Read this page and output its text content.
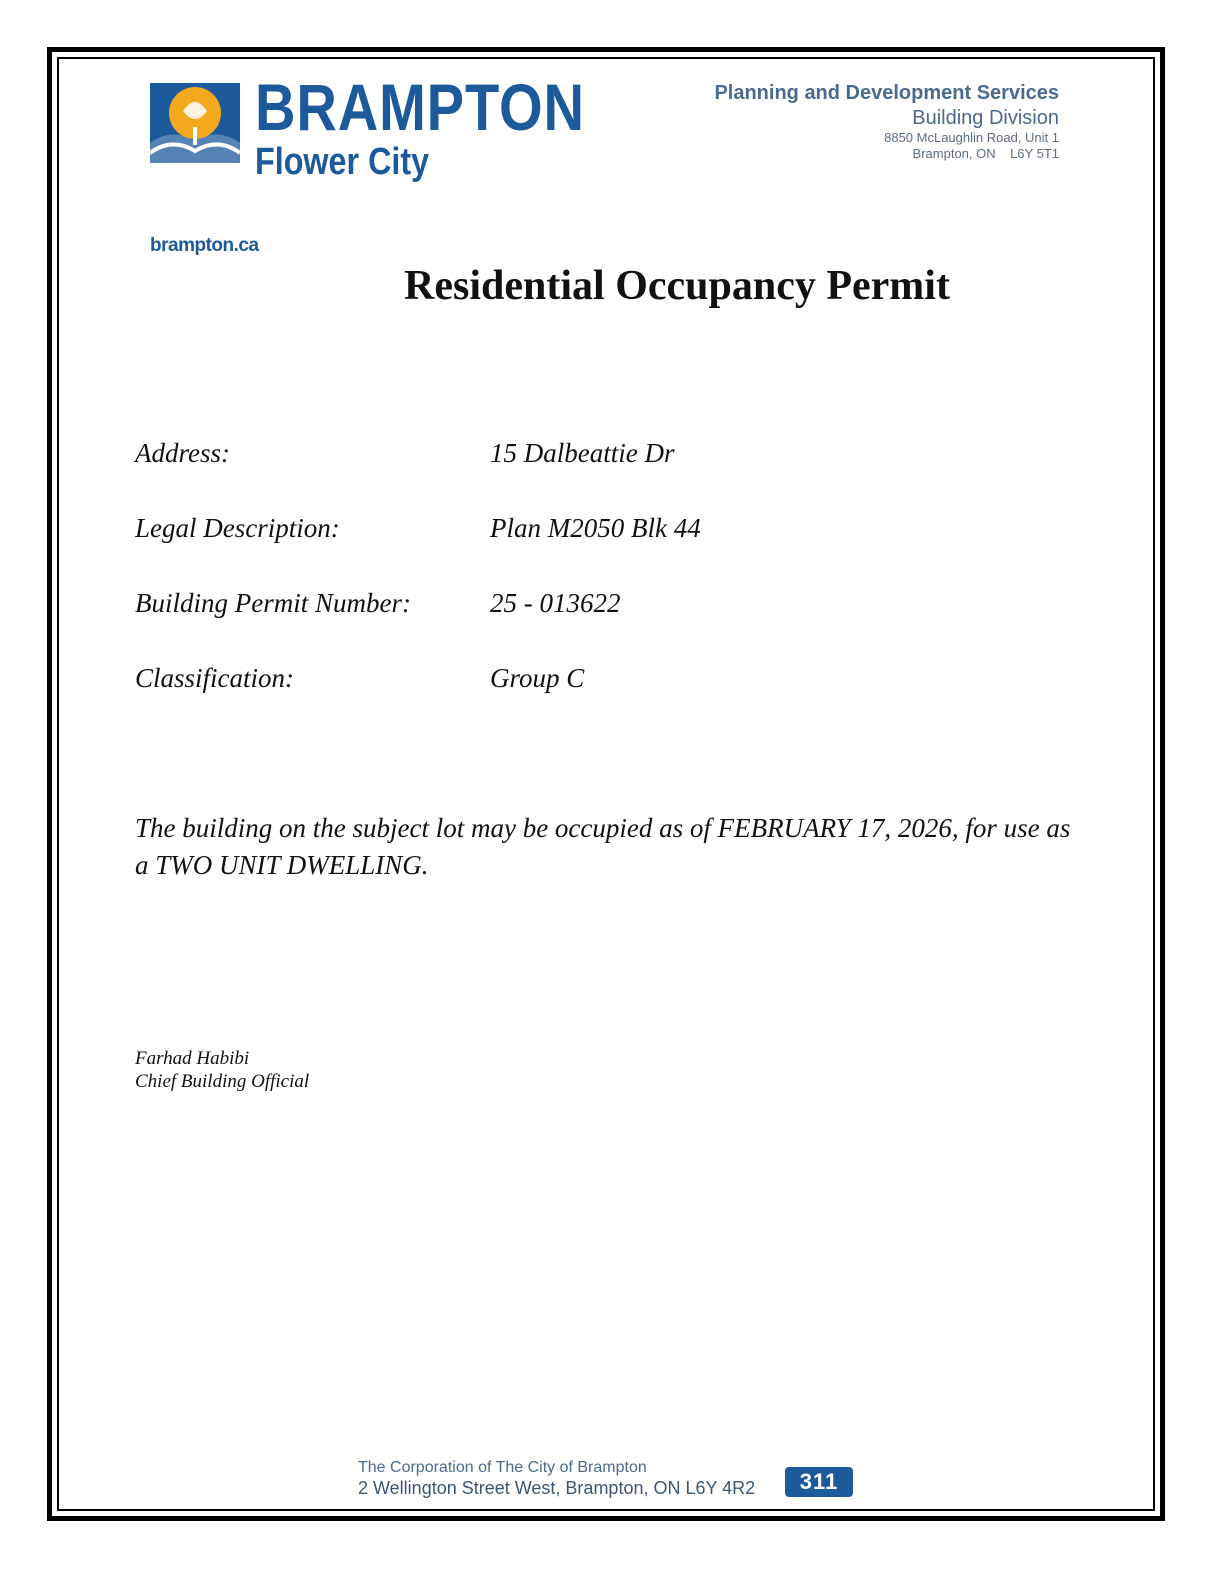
brampton.ca
BRAMPTON
Flower City
Planning and Development Services
Building Division
8850 McLaughlin Road, Unit 1
Brampton, ON    L6Y 5T1
Residential Occupancy Permit
Address:	15 Dalbeattie Dr
Legal Description:	Plan M2050 Blk 44
Building Permit Number:	25 - 013622
Classification:	Group C
The building on the subject lot may be occupied as of FEBRUARY 17, 2026, for use as a TWO UNIT DWELLING.
Farhad Habibi
Chief Building Official
The Corporation of The City of Brampton
2 Wellington Street West, Brampton, ON L6Y 4R2	311
